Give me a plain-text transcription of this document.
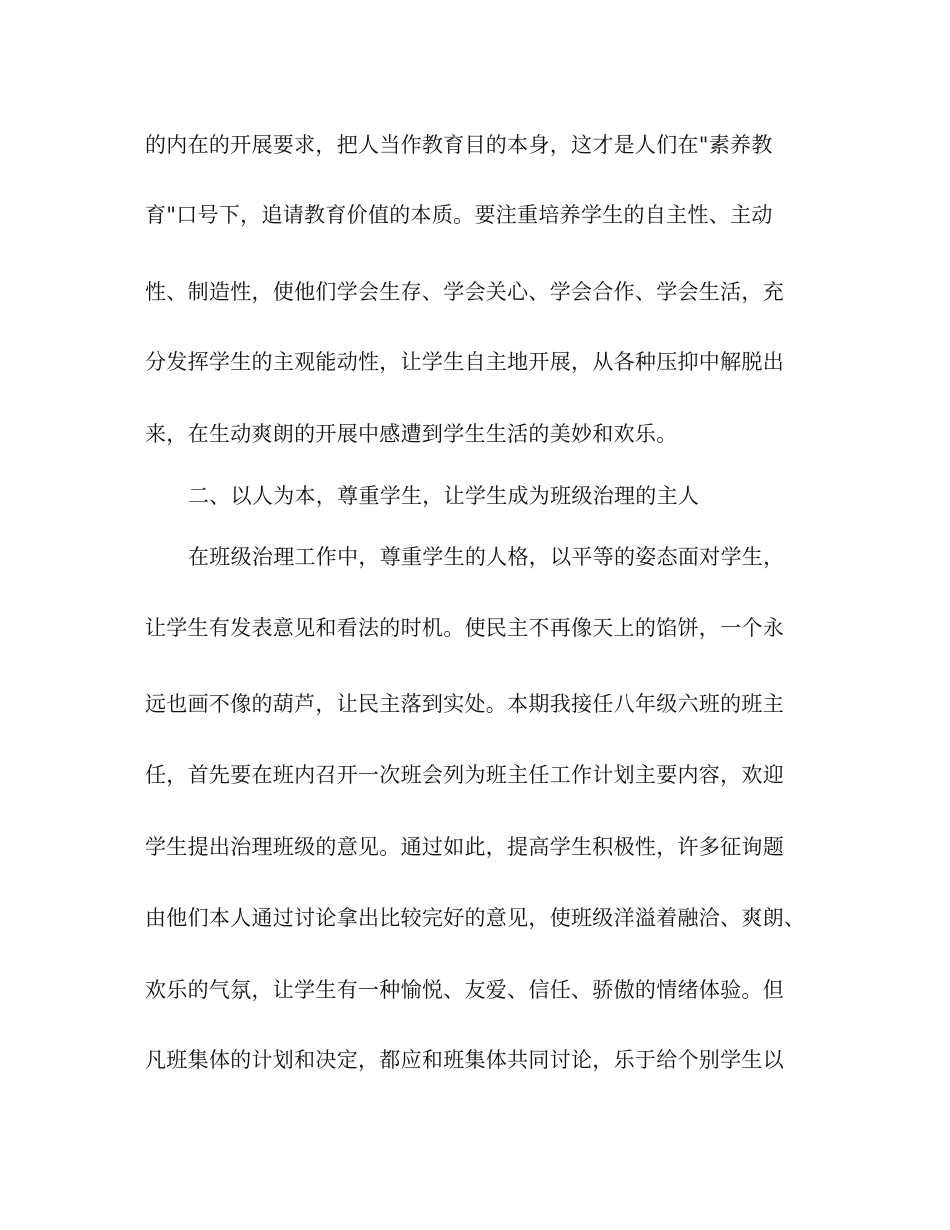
的内在的开展要求，把人当作教育目的本身，这才是人们在"素养教
育"口号下，追请教育价值的本质。要注重培养学生的自主性、主动
性、制造性，使他们学会生存、学会关心、学会合作、学会生活，充
分发挥学生的主观能动性，让学生自主地开展，从各种压抑中解脱出
来，在生动爽朗的开展中感遭到学生生活的美妙和欢乐。
二、以人为本，尊重学生，让学生成为班级治理的主人
在班级治理工作中，尊重学生的人格，以平等的姿态面对学生，
让学生有发表意见和看法的时机。使民主不再像天上的馅饼，一个永
远也画不像的葫芦，让民主落到实处。本期我接任八年级六班的班主
任，首先要在班内召开一次班会列为班主任工作计划主要内容，欢迎
学生提出治理班级的意见。通过如此，提高学生积极性，许多征询题
由他们本人通过讨论拿出比较完好的意见，使班级洋溢着融洽、爽朗、
欢乐的气氛，让学生有一种愉悦、友爱、信任、骄傲的情绪体验。但
凡班集体的计划和决定，都应和班集体共同讨论，乐于给个别学生以
